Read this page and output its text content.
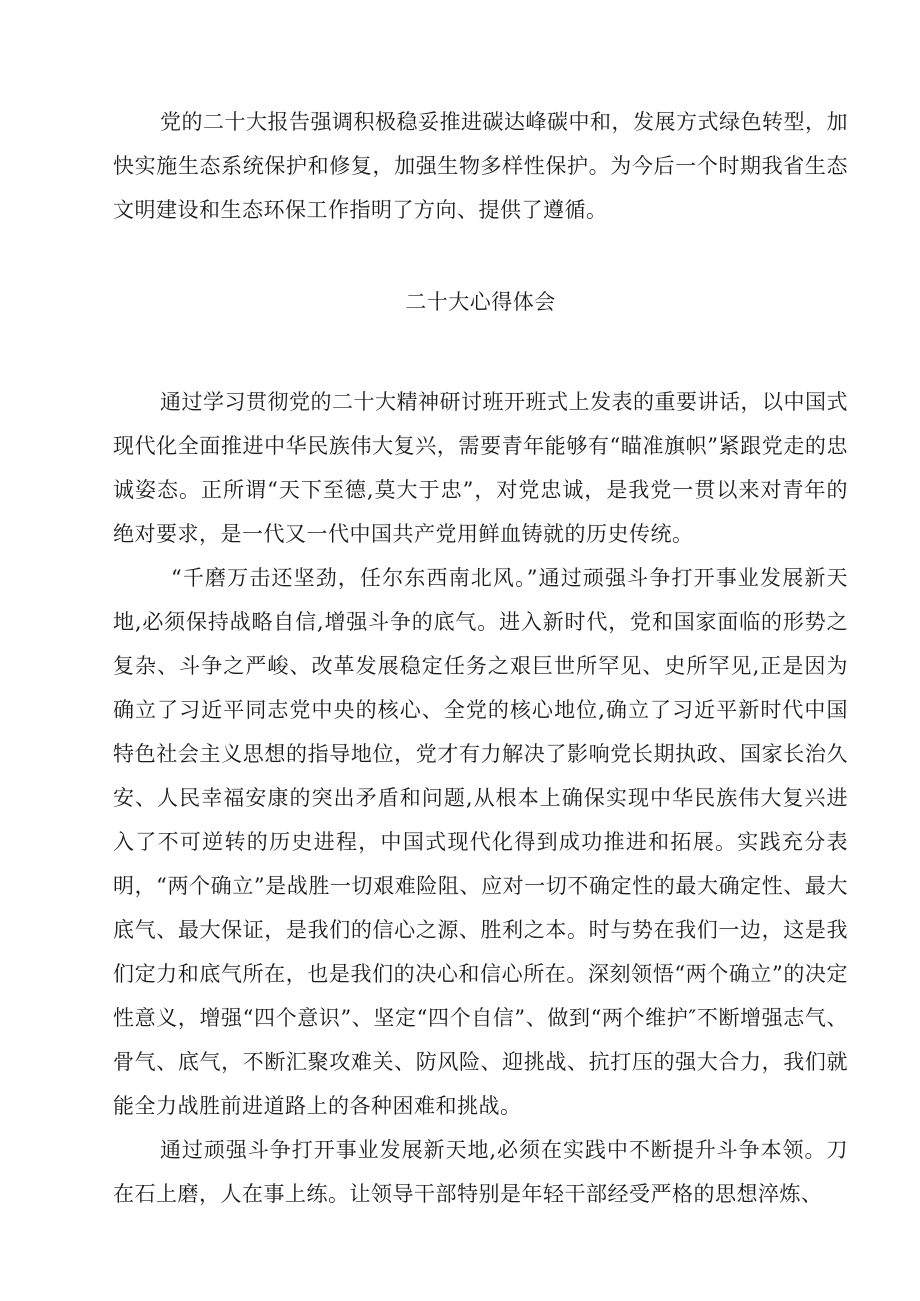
党的二十大报告强调积极稳妥推进碳达峰碳中和，发展方式绿色转型，加快实施生态系统保护和修复，加强生物多样性保护。为今后一个时期我省生态文明建设和生态环保工作指明了方向、提供了遵循。

二十大心得体会

通过学习贯彻党的二十大精神研讨班开班式上发表的重要讲话，以中国式现代化全面推进中华民族伟大复兴，需要青年能够有“瞄准旗帜”紧跟党走的忠诚姿态。正所谓“天下至德,莫大于忠”，对党忠诚，是我党一贯以来对青年的绝对要求，是一代又一代中国共产党用鲜血铸就的历史传统。

“千磨万击还坚劲，任尔东西南北风。”通过顽强斗争打开事业发展新天地,必须保持战略自信,增强斗争的底气。进入新时代，党和国家面临的形势之复杂、斗争之严峻、改革发展稳定任务之艰巨世所罕见、史所罕见,正是因为确立了习近平同志党中央的核心、全党的核心地位,确立了习近平新时代中国特色社会主义思想的指导地位，党才有力解决了影响党长期执政、国家长治久安、人民幸福安康的突出矛盾和问题,从根本上确保实现中华民族伟大复兴进入了不可逆转的历史进程，中国式现代化得到成功推进和拓展。实践充分表明，“两个确立”是战胜一切艰难险阻、应对一切不确定性的最大确定性、最大底气、最大保证，是我们的信心之源、胜利之本。时与势在我们一边，这是我们定力和底气所在，也是我们的决心和信心所在。深刻领悟“两个确立”的决定性意义，增强“四个意识”、坚定“四个自信”、做到“两个维护″不断增强志气、骨气、底气，不断汇聚攻难关、防风险、迎挑战、抗打压的强大合力，我们就能全力战胜前进道路上的各种困难和挑战。

通过顽强斗争打开事业发展新天地,必须在实践中不断提升斗争本领。刀在石上磨，人在事上练。让领导干部特别是年轻干部经受严格的思想淬炼、
